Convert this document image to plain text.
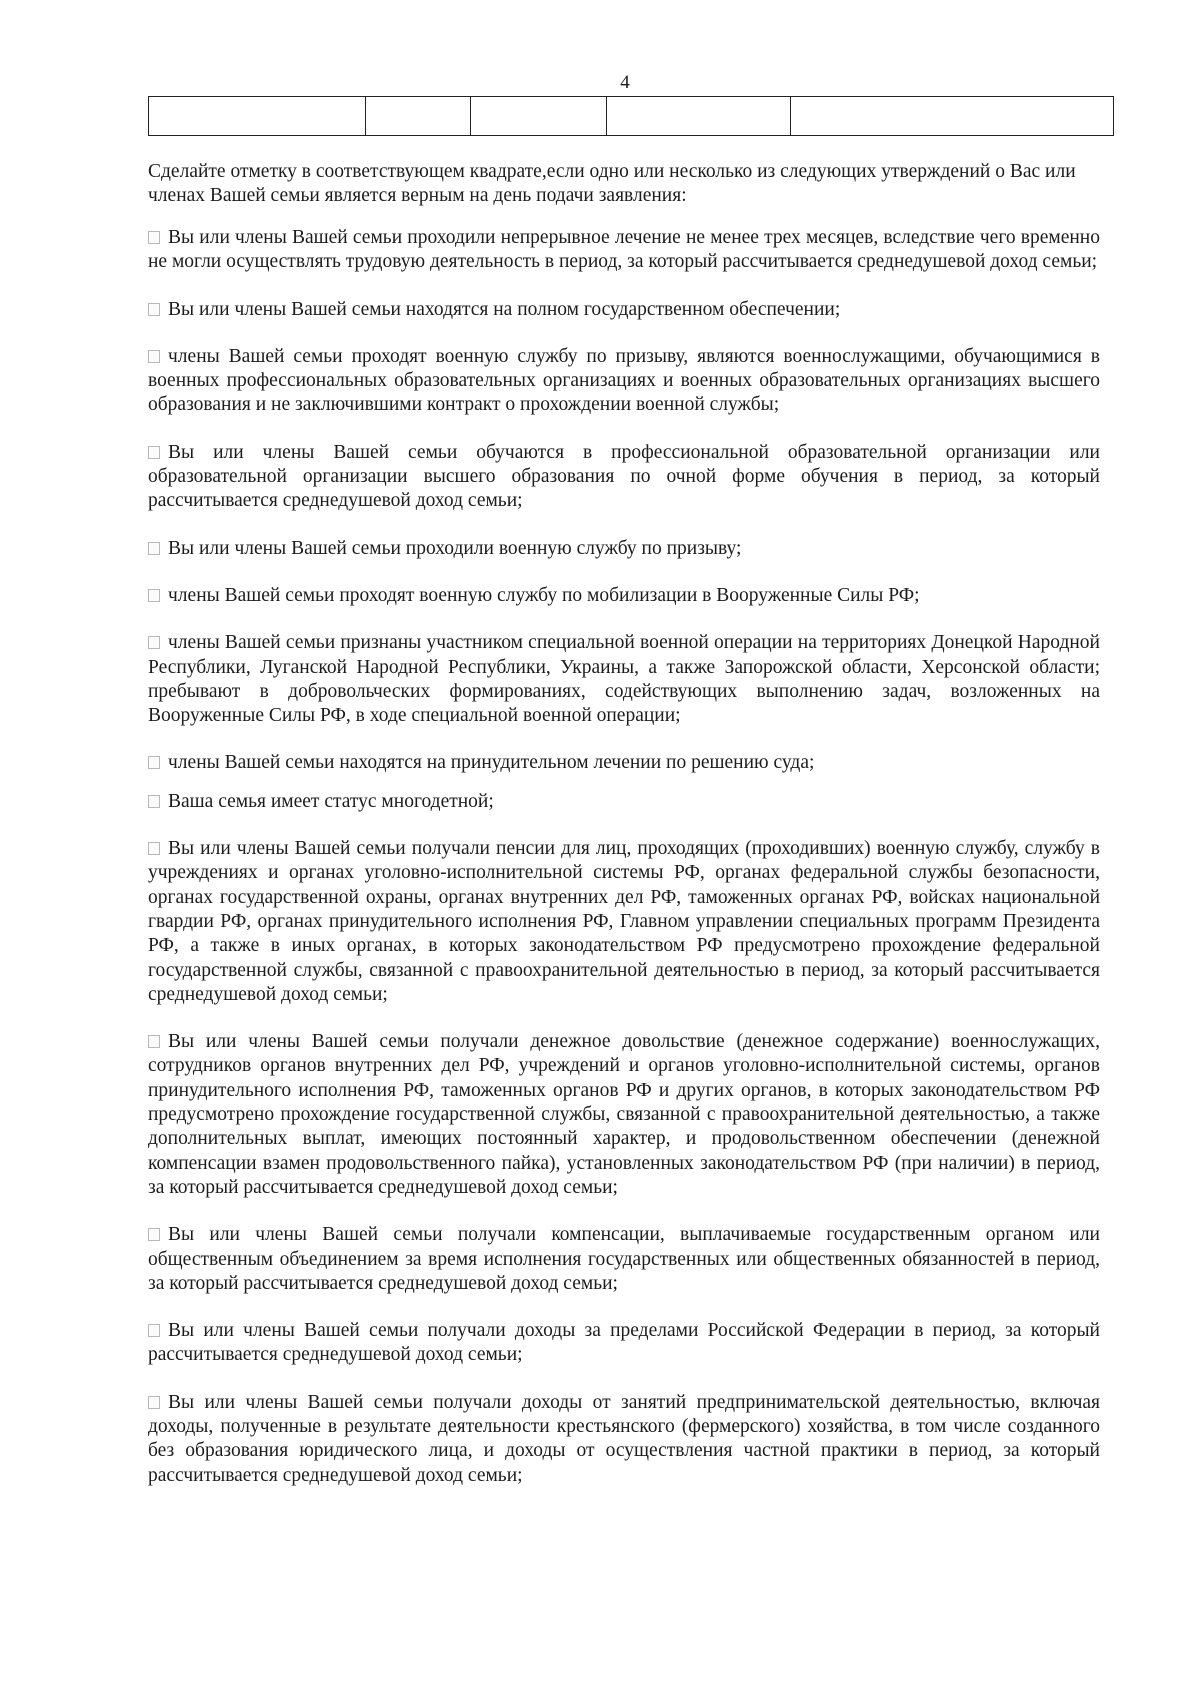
4

Сделайте отметку в соответствующем квадрате,если одно или несколько из следующих утверждений о Вас или членах Вашей семьи является верным на день подачи заявления:

Вы или члены Вашей семьи проходили непрерывное лечение не менее трех месяцев, вследствие чего временно не могли осуществлять трудовую деятельность в период, за который рассчитывается среднедушевой доход семьи;

Вы или члены Вашей семьи находятся на полном государственном обеспечении;

члены Вашей семьи проходят военную службу по призыву, являются военнослужащими, обучающимися в военных профессиональных образовательных организациях и военных образовательных организациях высшего образования и не заключившими контракт о прохождении военной службы;

Вы или члены Вашей семьи обучаются в профессиональной образовательной организации или образовательной организации высшего образования по очной форме обучения в период, за который рассчитывается среднедушевой доход семьи;

Вы или члены Вашей семьи проходили военную службу по призыву;

члены Вашей семьи проходят военную службу по мобилизации в Вооруженные Силы РФ;

члены Вашей семьи признаны участником специальной военной операции на территориях Донецкой Народной Республики, Луганской Народной Республики, Украины, а также Запорожской области, Херсонской области; пребывают в добровольческих формированиях, содействующих выполнению задач, возложенных на Вооруженные Силы РФ, в ходе специальной военной операции;

члены Вашей семьи находятся на принудительном лечении по решению суда;

Ваша семья имеет статус многодетной;

Вы или члены Вашей семьи получали пенсии для лиц, проходящих (проходивших) военную службу, службу в учреждениях и органах уголовно-исполнительной системы РФ, органах федеральной службы безопасности, органах государственной охраны, органах внутренних дел РФ, таможенных органах РФ, войсках национальной гвардии РФ, органах принудительного исполнения РФ, Главном управлении специальных программ Президента РФ, а также в иных органах, в которых законодательством РФ предусмотрено прохождение федеральной государственной службы, связанной с правоохранительной деятельностью в период, за который рассчитывается среднедушевой доход семьи;

Вы или члены Вашей семьи получали денежное довольствие (денежное содержание) военнослужащих, сотрудников органов внутренних дел РФ, учреждений и органов уголовно-исполнительной системы, органов принудительного исполнения РФ, таможенных органов РФ и других органов, в которых законодательством РФ предусмотрено прохождение государственной службы, связанной с правоохранительной деятельностью, а также дополнительных выплат, имеющих постоянный характер, и продовольственном обеспечении (денежной компенсации взамен продовольственного пайка), установленных законодательством РФ (при наличии) в период, за который рассчитывается среднедушевой доход семьи;

Вы или члены Вашей семьи получали компенсации, выплачиваемые государственным органом или общественным объединением за время исполнения государственных или общественных обязанностей в период, за который рассчитывается среднедушевой доход семьи;

Вы или члены Вашей семьи получали доходы за пределами Российской Федерации в период, за который рассчитывается среднедушевой доход семьи;

Вы или члены Вашей семьи получали доходы от занятий предпринимательской деятельностью, включая доходы, полученные в результате деятельности крестьянского (фермерского) хозяйства, в том числе созданного без образования юридического лица, и доходы от осуществления частной практики в период, за который рассчитывается среднедушевой доход семьи;
